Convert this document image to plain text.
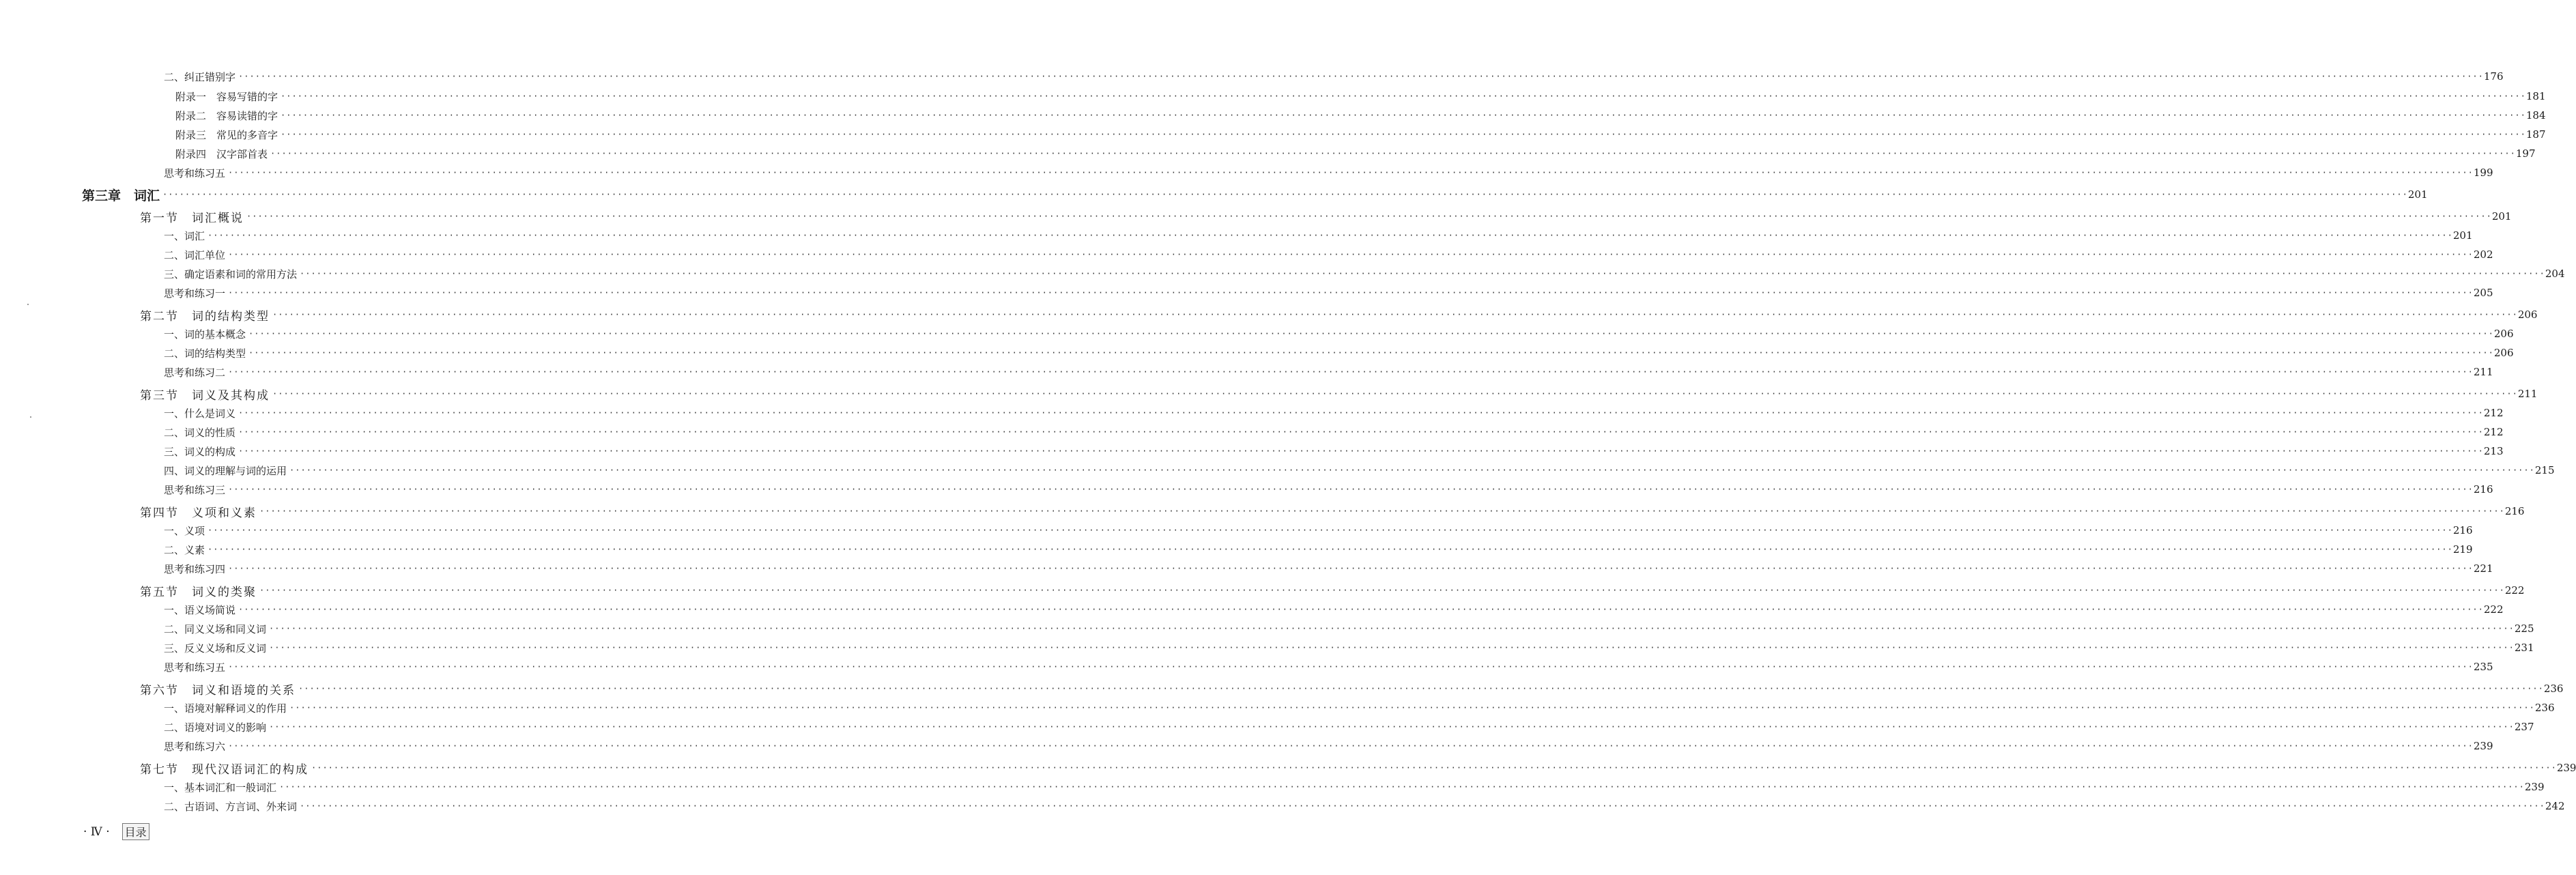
二、纠正错别字 ················································································································································································································································································································································································································ 176
附录一　容易写错的字 ················································································································································································································································································································································································································ 181
附录二　容易读错的字 ················································································································································································································································································································································································································ 184
附录三　常见的多音字 ················································································································································································································································································································································································································ 187
附录四　汉字部首表 ················································································································································································································································································································································································································ 197
思考和练习五 ················································································································································································································································································································································································································ 199
第三章　词汇 ················································································································································································································································································································································································································ 201
第一节　词汇概说 ················································································································································································································································································································································································································ 201
一、词汇 ················································································································································································································································································································································································································ 201
二、词汇单位 ················································································································································································································································································································································································································ 202
三、确定语素和词的常用方法 ················································································································································································································································································································································································································ 204
思考和练习一 ················································································································································································································································································································································································································ 205
第二节　词的结构类型 ················································································································································································································································································································································································································ 206
一、词的基本概念 ················································································································································································································································································································································································································ 206
二、词的结构类型 ················································································································································································································································································································································································································ 206
思考和练习二 ················································································································································································································································································································································································································ 211
第三节　词义及其构成 ················································································································································································································································································································································································································ 211
一、什么是词义 ················································································································································································································································································································································································································ 212
二、词义的性质 ················································································································································································································································································································································································································ 212
三、词义的构成 ················································································································································································································································································································································································································ 213
四、词义的理解与词的运用 ················································································································································································································································································································································································································ 215
思考和练习三 ················································································································································································································································································································································································································ 216
第四节　义项和义素 ················································································································································································································································································································································································································ 216
一、义项 ················································································································································································································································································································································································································ 216
二、义素 ················································································································································································································································································································································································································ 219
思考和练习四 ················································································································································································································································································································································································································ 221
第五节　词义的类聚 ················································································································································································································································································································································································································ 222
一、语义场简说 ················································································································································································································································································································································································································ 222
二、同义义场和同义词 ················································································································································································································································································································································································································ 225
三、反义义场和反义词 ················································································································································································································································································································································································································ 231
思考和练习五 ················································································································································································································································································································································································································ 235
第六节　词义和语境的关系 ················································································································································································································································································································································································································ 236
一、语境对解释词义的作用 ················································································································································································································································································································································································································ 236
二、语境对词义的影响 ················································································································································································································································································································································································································ 237
思考和练习六 ················································································································································································································································································································································································································ 239
第七节　现代汉语词汇的构成 ················································································································································································································································································································································································································ 239
一、基本词汇和一般词汇 ················································································································································································································································································································································································································ 239
二、古语词、方言词、外来词 ················································································································································································································································································································································································································ 242
· Ⅳ · 目录
